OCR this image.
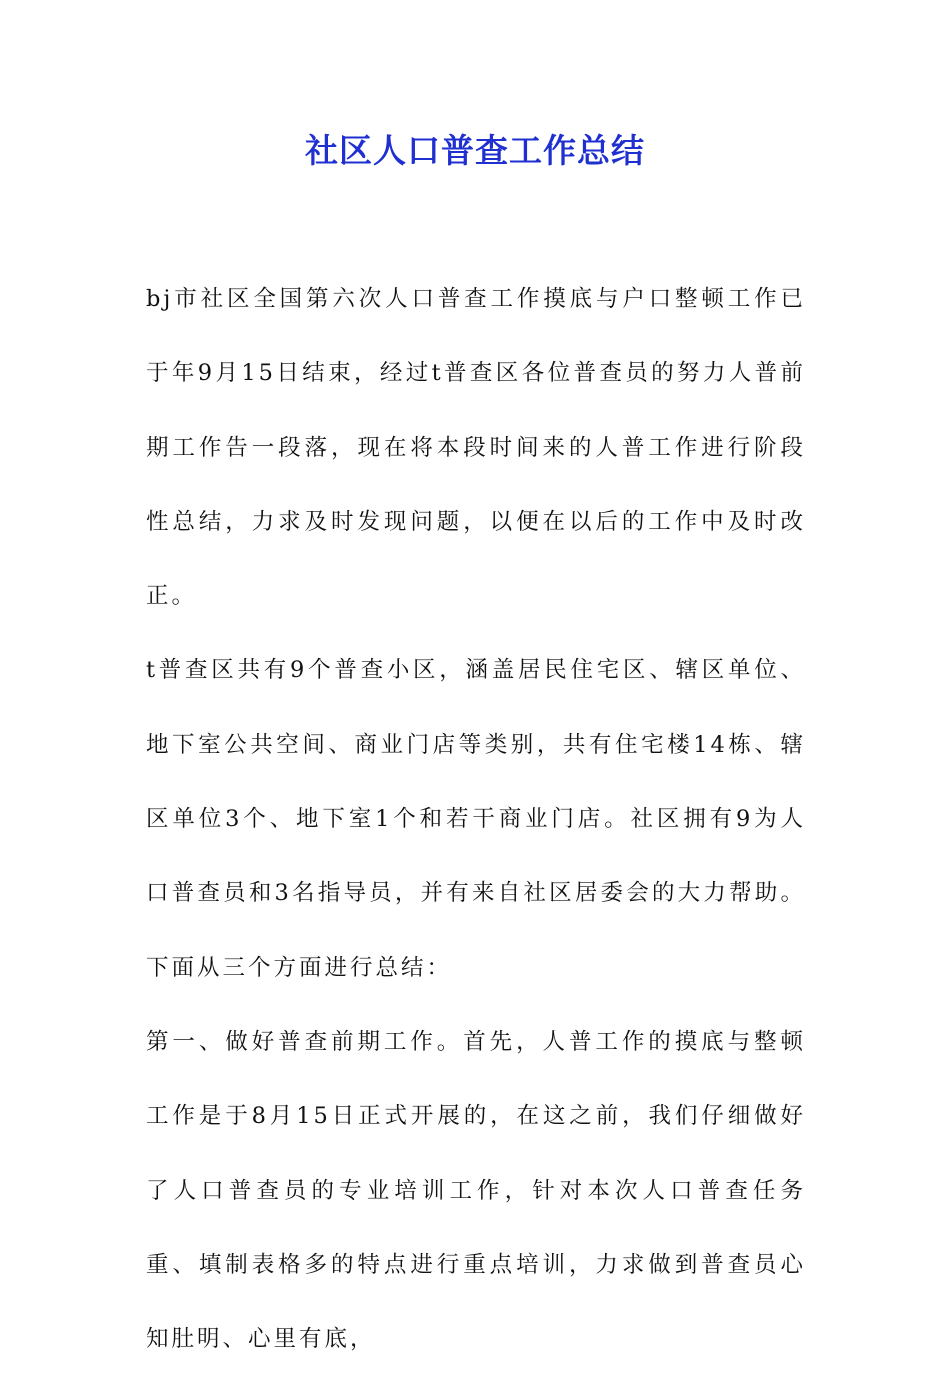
社区人口普查工作总结

bj市社区全国第六次人口普查工作摸底与户口整顿工作已于年9月15日结束，经过t普查区各位普查员的努力人普前期工作告一段落，现在将本段时间来的人普工作进行阶段性总结，力求及时发现问题，以便在以后的工作中及时改正。

t普查区共有9个普查小区，涵盖居民住宅区、辖区单位、地下室公共空间、商业门店等类别，共有住宅楼14栋、辖区单位3个、地下室1个和若干商业门店。社区拥有9为人口普查员和3名指导员，并有来自社区居委会的大力帮助。下面从三个方面进行总结：

第一、做好普查前期工作。首先，人普工作的摸底与整顿工作是于8月15日正式开展的，在这之前，我们仔细做好了人口普查员的专业培训工作，针对本次人口普查任务重、填制表格多的特点进行重点培训，力求做到普查员心知肚明、心里有底，
